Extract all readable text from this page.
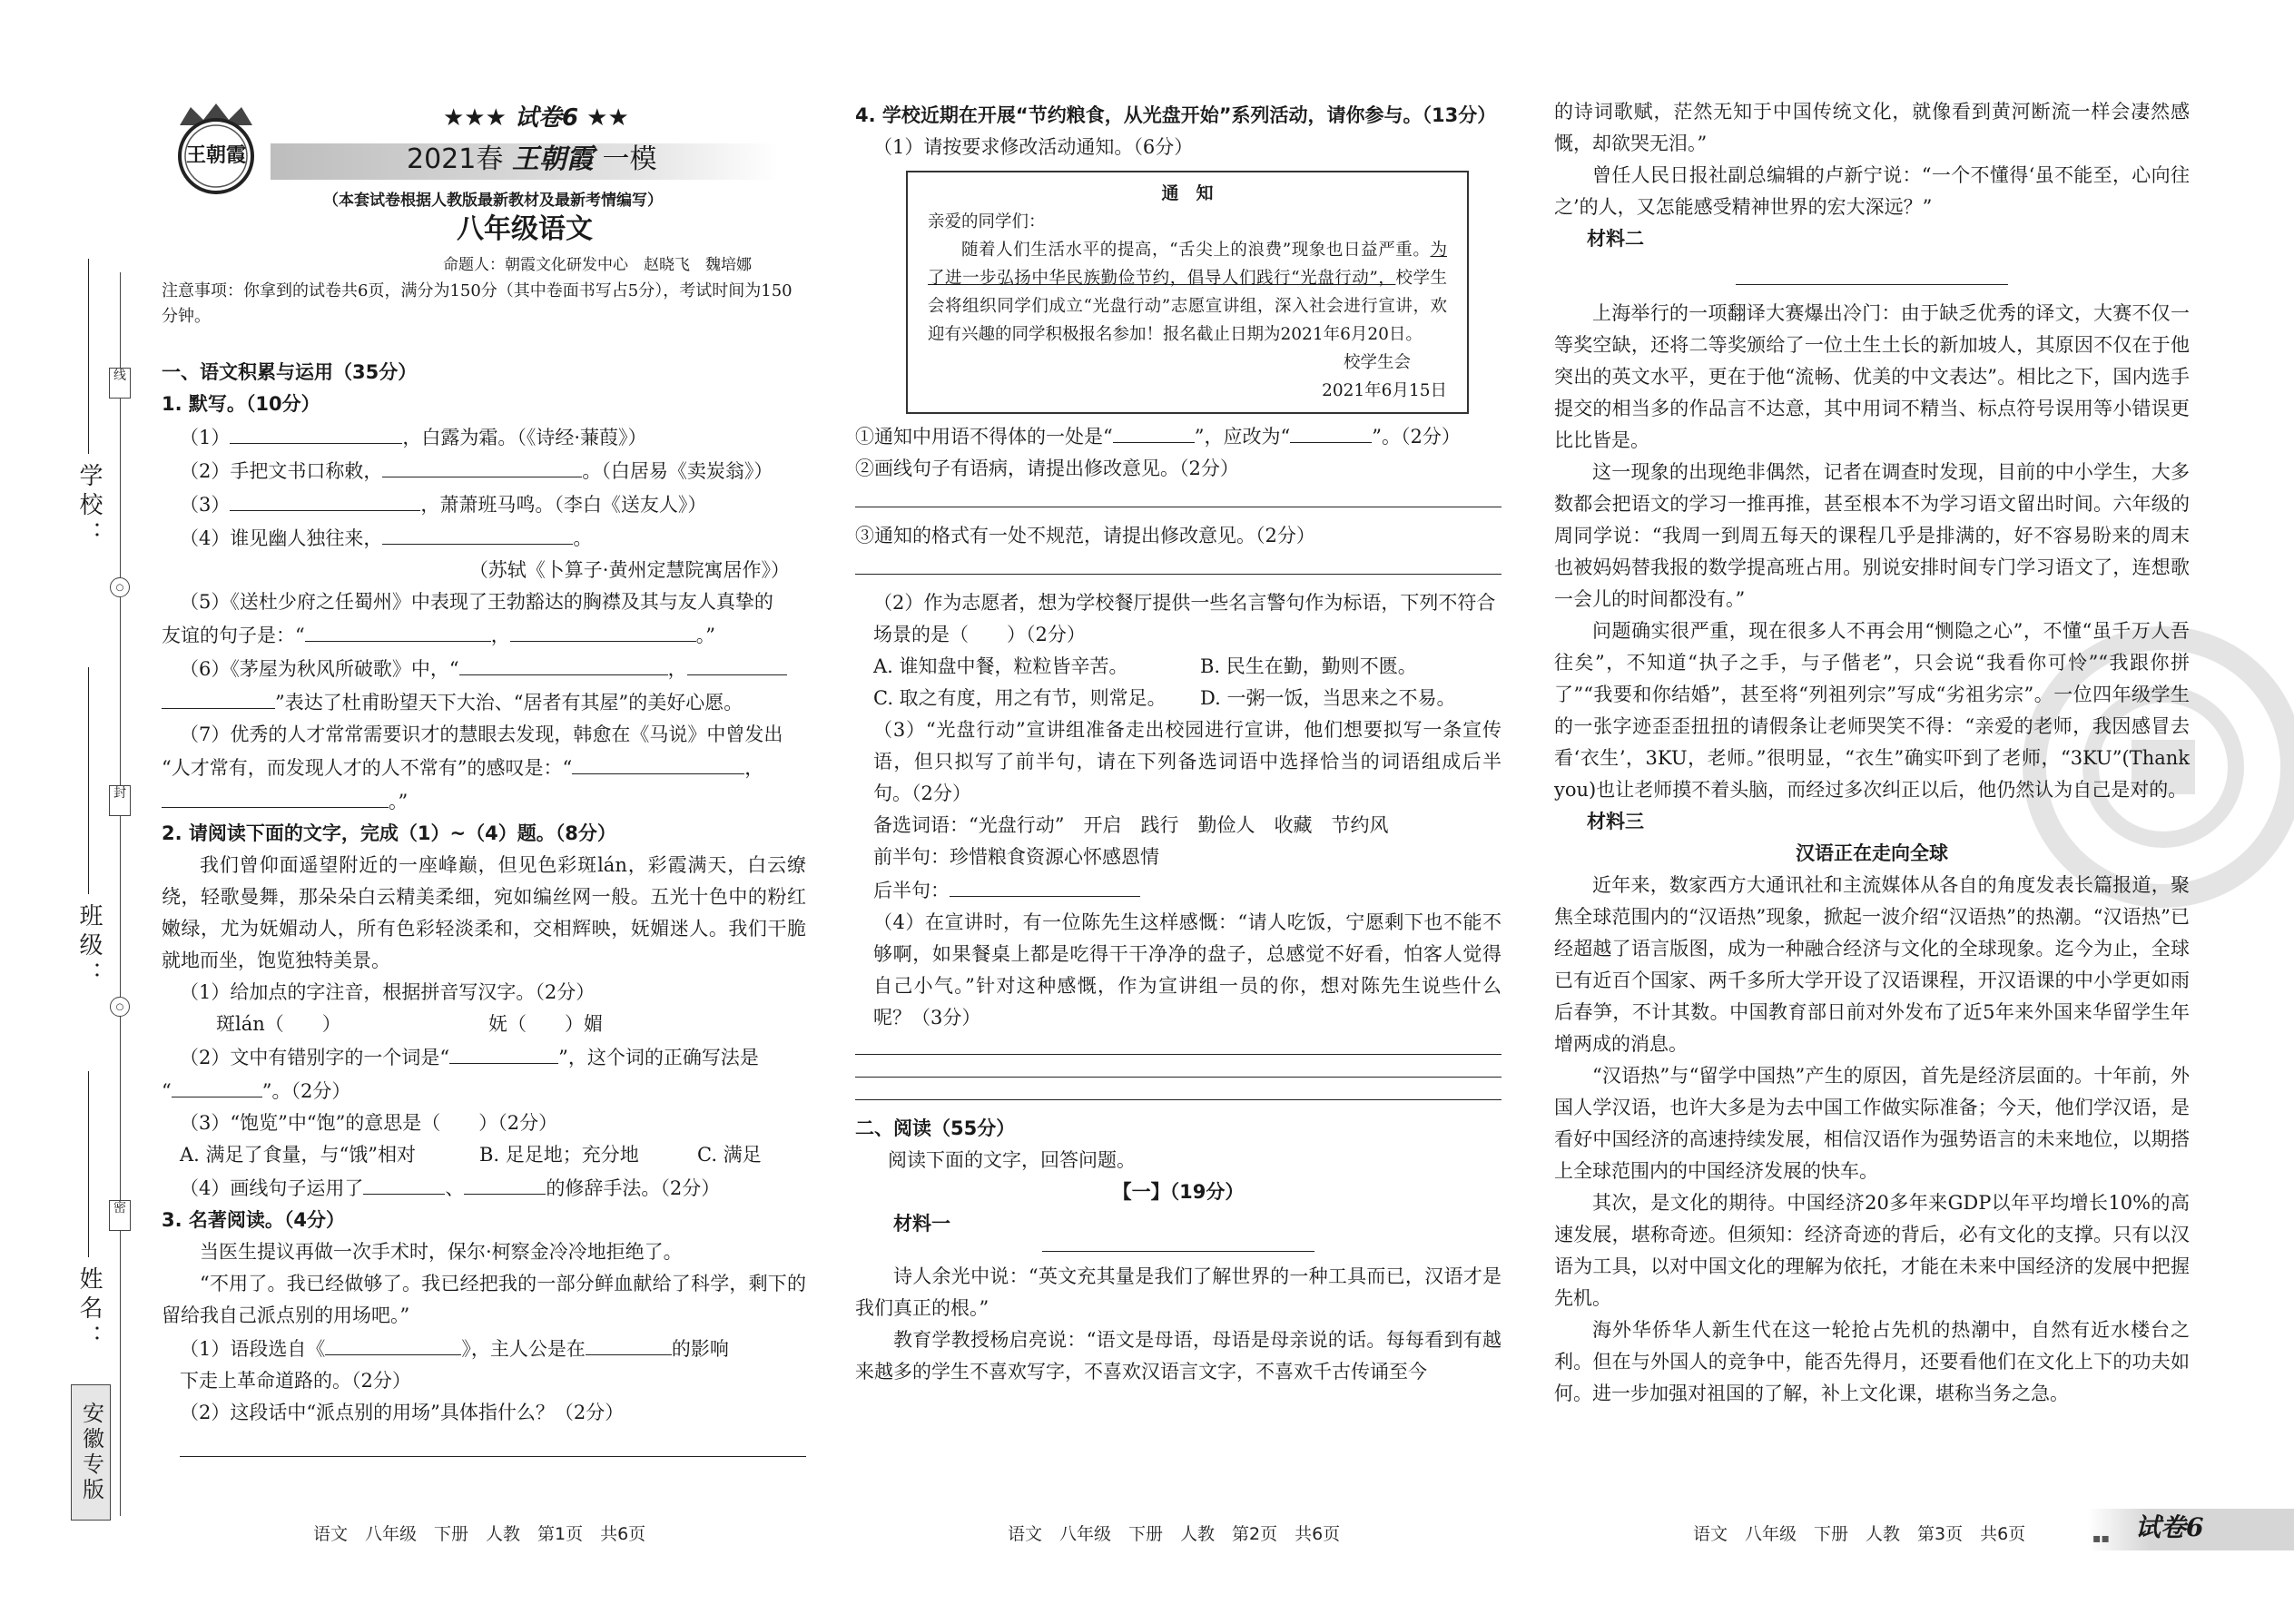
学校：
班级：
姓名：
线
○
封
○
密
安徽专版
王朝霞
★★★ 试卷6 ★★
2021春 王朝霞 一模
（本套试卷根据人教版最新教材及最新考情编写）
八年级语文
命题人：朝霞文化研发中心　赵晓飞　魏培娜
注意事项：你拿到的试卷共6页，满分为150分（其中卷面书写占5分），考试时间为150分钟。

一、语文积累与运用（35分）

1. 默写。（10分）

（1）	，白露为霜。（《诗经·蒹葭》）

（2）手把文书口称敕，	。（白居易《卖炭翁》）

（3）	，萧萧班马鸣。（李白《送友人》）

（4）谁见幽人独往来，	。

（苏轼《卜算子·黄州定慧院寓居作》）

（5）《送杜少府之任蜀州》中表现了王勃豁达的胸襟及其与友人真挚的

友谊的句子是：“	，	。”

（6）《茅屋为秋风所破歌》中，“	，

”表达了杜甫盼望天下大治、“居者有其屋”的美好心愿。

（7）优秀的人才常常需要识才的慧眼去发现，韩愈在《马说》中曾发出

“人才常有，而发现人才的人不常有”的感叹是：“	，

。”

2. 请阅读下面的文字，完成（1）~（4）题。（8分）

我们曾仰面遥望附近的一座峰巅，但见色彩斑lán，彩霞满天，白云缭绕，轻歌曼舞，那朵朵白云精美柔细，宛如编丝网一般。五光十色中的粉红嫩绿，尤为妩媚动人，所有色彩轻淡柔和，交相辉映，妩媚迷人。我们干脆就地而坐，饱览独特美景。

（1）给加点的字注音，根据拼音写汉字。（2分）

斑lán（　　）	妩（　　）媚

（2）文中有错别字的一个词是“	”，这个词的正确写法是

“	”。（2分）

（3）“饱览”中“饱”的意思是（　　）（2分）

A. 满足了食量，与“饿”相对	B. 足足地；充分地	C. 满足

（4）画线句子运用了	、	的修辞手法。（2分）

3. 名著阅读。（4分）

当医生提议再做一次手术时，保尔·柯察金冷冷地拒绝了。

“不用了。我已经做够了。我已经把我的一部分鲜血献给了科学，剩下的留给我自己派点别的用场吧。”

（1）语段选自《	》，主人公是在	的影响

下走上革命道路的。（2分）

（2）这段话中“派点别的用场”具体指什么？（2分）

语文　八年级　下册　人教　第1页　共6页

4. 学校近期在开展“节约粮食，从光盘开始”系列活动，请你参与。（13分）

（1）请按要求修改活动通知。（6分）

通　知

亲爱的同学们：

随着人们生活水平的提高，“舌尖上的浪费”现象也日益严重。为了进一步弘扬中华民族勤俭节约，倡导人们践行“光盘行动”，校学生会将组织同学们成立“光盘行动”志愿宣讲组，深入社会进行宣讲，欢迎有兴趣的同学积极报名参加！报名截止日期为2021年6月20日。

校学生会

2021年6月15日

①通知中用语不得体的一处是“	”，应改为“	”。（2分）

②画线句子有语病，请提出修改意见。（2分）

③通知的格式有一处不规范，请提出修改意见。（2分）

（2）作为志愿者，想为学校餐厅提供一些名言警句作为标语，下列不符合场景的是（　　）（2分）

A. 谁知盘中餐，粒粒皆辛苦。	B. 民生在勤，勤则不匮。

C. 取之有度，用之有节，则常足。 D. 一粥一饭，当思来之不易。

（3）“光盘行动”宣讲组准备走出校园进行宣讲，他们想要拟写一条宣传语，但只拟写了前半句，请在下列备选词语中选择恰当的词语组成后半句。（2分）

备选词语：“光盘行动”　开启　践行　勤俭人　收藏　节约风

前半句：珍惜粮食资源心怀感恩情

后半句：

（4）在宣讲时，有一位陈先生这样感慨：“请人吃饭，宁愿剩下也不能不够啊，如果餐桌上都是吃得干干净净的盘子，总感觉不好看，怕客人觉得自己小气。”针对这种感慨，作为宣讲组一员的你，想对陈先生说些什么呢？（3分）

二、阅读（55分）

阅读下面的文字，回答问题。

【一】（19分）

材料一

诗人余光中说：“英文充其量是我们了解世界的一种工具而已，汉语才是我们真正的根。”

教育学教授杨启亮说：“语文是母语，母语是母亲说的话。每每看到有越来越多的学生不喜欢写字，不喜欢汉语言文字，不喜欢千古传诵至今

语文　八年级　下册　人教　第2页　共6页

的诗词歌赋，茫然无知于中国传统文化，就像看到黄河断流一样会凄然感慨，却欲哭无泪。”

曾任人民日报社副总编辑的卢新宁说：“一个不懂得‘虽不能至，心向往之’的人，又怎能感受精神世界的宏大深远？”

材料二

上海举行的一项翻译大赛爆出冷门：由于缺乏优秀的译文，大赛不仅一等奖空缺，还将二等奖颁给了一位土生土长的新加坡人，其原因不仅在于他突出的英文水平，更在于他“流畅、优美的中文表达”。相比之下，国内选手提交的相当多的作品言不达意，其中用词不精当、标点符号误用等小错误更比比皆是。

这一现象的出现绝非偶然，记者在调查时发现，目前的中小学生，大多数都会把语文的学习一推再推，甚至根本不为学习语文留出时间。六年级的周同学说：“我周一到周五每天的课程几乎是排满的，好不容易盼来的周末也被妈妈替我报的数学提高班占用。别说安排时间专门学习语文了，连想歌一会儿的时间都没有。”

问题确实很严重，现在很多人不再会用“恻隐之心”，不懂“虽千万人吾往矣”，不知道“执子之手，与子偕老”，只会说“我看你可怜”“我跟你拼了”“我要和你结婚”，甚至将“列祖列宗”写成“劣祖劣宗”。一位四年级学生的一张字迹歪歪扭扭的请假条让老师哭笑不得：“亲爱的老师，我因感冒去看‘衣生’，3KU，老师。”很明显，“衣生”确实吓到了老师，“3KU”(Thank you)也让老师摸不着头脑，而经过多次纠正以后，他仍然认为自己是对的。

材料三

汉语正在走向全球

近年来，数家西方大通讯社和主流媒体从各自的角度发表长篇报道，聚焦全球范围内的“汉语热”现象，掀起一波介绍“汉语热”的热潮。“汉语热”已经超越了语言版图，成为一种融合经济与文化的全球现象。迄今为止，全球已有近百个国家、两千多所大学开设了汉语课程，开汉语课的中小学更如雨后春笋，不计其数。中国教育部日前对外发布了近5年来外国来华留学生年增两成的消息。

“汉语热”与“留学中国热”产生的原因，首先是经济层面的。十年前，外国人学汉语，也许大多是为去中国工作做实际准备；今天，他们学汉语，是看好中国经济的高速持续发展，相信汉语作为强势语言的未来地位，以期搭上全球范围内的中国经济发展的快车。

其次，是文化的期待。中国经济20多年来GDP以年平均增长10%的高速发展，堪称奇迹。但须知：经济奇迹的背后，必有文化的支撑。只有以汉语为工具，以对中国文化的理解为依托，才能在未来中国经济的发展中把握先机。

海外华侨华人新生代在这一轮抢占先机的热潮中，自然有近水楼台之利。但在与外国人的竞争中，能否先得月，还要看他们在文化上下的功夫如何。进一步加强对祖国的了解，补上文化课，堪称当务之急。

语文　八年级　下册　人教　第3页　共6页	▪▪ 试卷6
